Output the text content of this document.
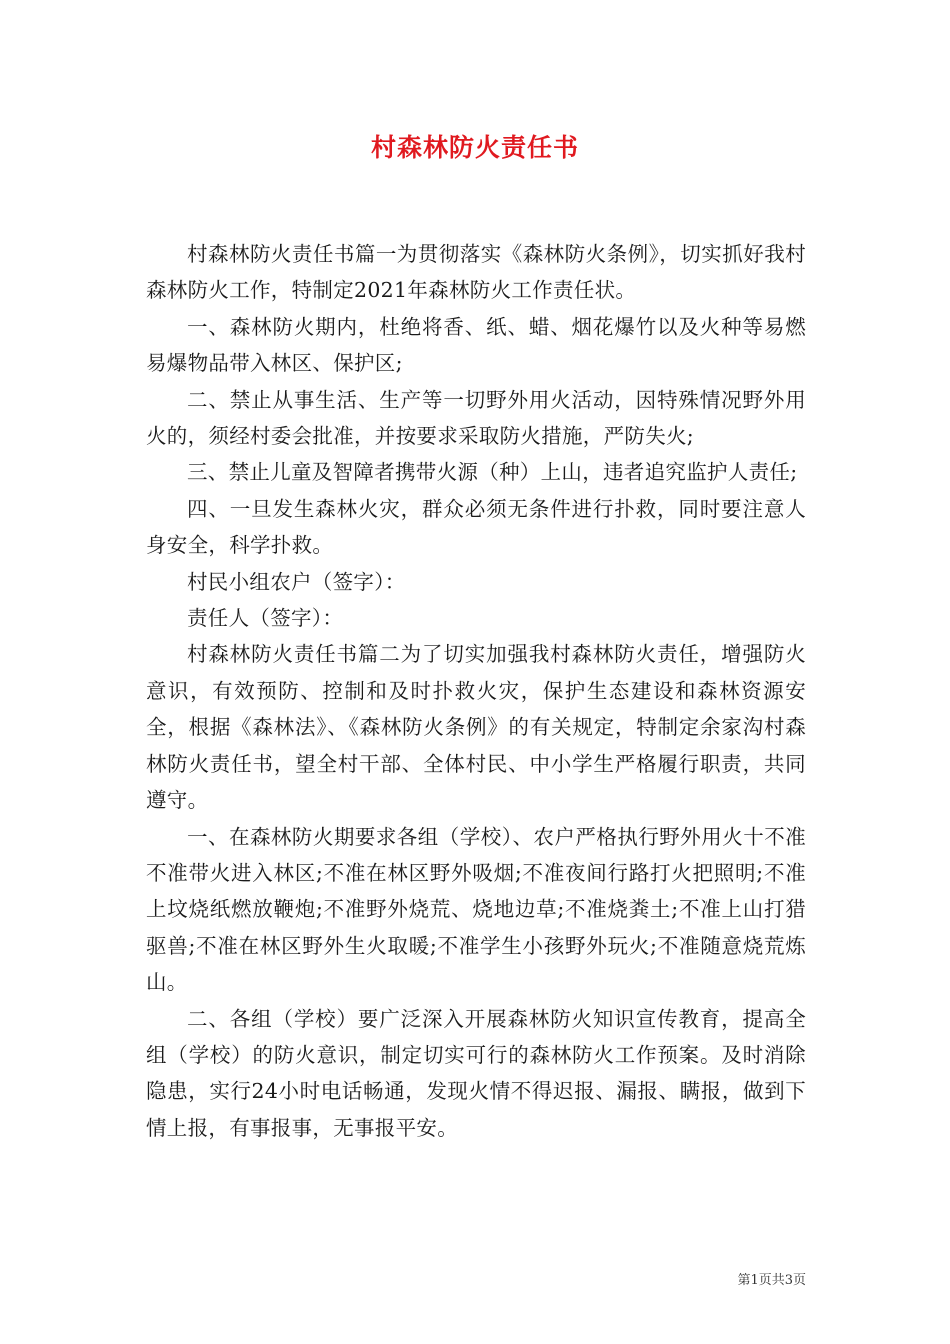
村森林防火责任书

村森林防火责任书篇一为贯彻落实《森林防火条例》，切实抓好我村森林防火工作，特制定2021年森林防火工作责任状。

一、森林防火期内，杜绝将香、纸、蜡、烟花爆竹以及火种等易燃易爆物品带入林区、保护区;

二、禁止从事生活、生产等一切野外用火活动，因特殊情况野外用火的，须经村委会批准，并按要求采取防火措施，严防失火;

三、禁止儿童及智障者携带火源（种）上山，违者追究监护人责任;

四、一旦发生森林火灾，群众必须无条件进行扑救，同时要注意人身安全，科学扑救。

村民小组农户（签字）：

责任人（签字）：

村森林防火责任书篇二为了切实加强我村森林防火责任，增强防火意识，有效预防、控制和及时扑救火灾，保护生态建设和森林资源安全，根据《森林法》、《森林防火条例》的有关规定，特制定余家沟村森林防火责任书，望全村干部、全体村民、中小学生严格履行职责，共同遵守。

一、在森林防火期要求各组（学校）、农户严格执行野外用火十不准不准带火进入林区;不准在林区野外吸烟;不准夜间行路打火把照明;不准上坟烧纸燃放鞭炮;不准野外烧荒、烧地边草;不准烧粪土;不准上山打猎驱兽;不准在林区野外生火取暖;不准学生小孩野外玩火;不准随意烧荒炼山。

二、各组（学校）要广泛深入开展森林防火知识宣传教育，提高全组（学校）的防火意识，制定切实可行的森林防火工作预案。及时消除隐患，实行24小时电话畅通，发现火情不得迟报、漏报、瞒报，做到下情上报，有事报事，无事报平安。

第1页共3页
